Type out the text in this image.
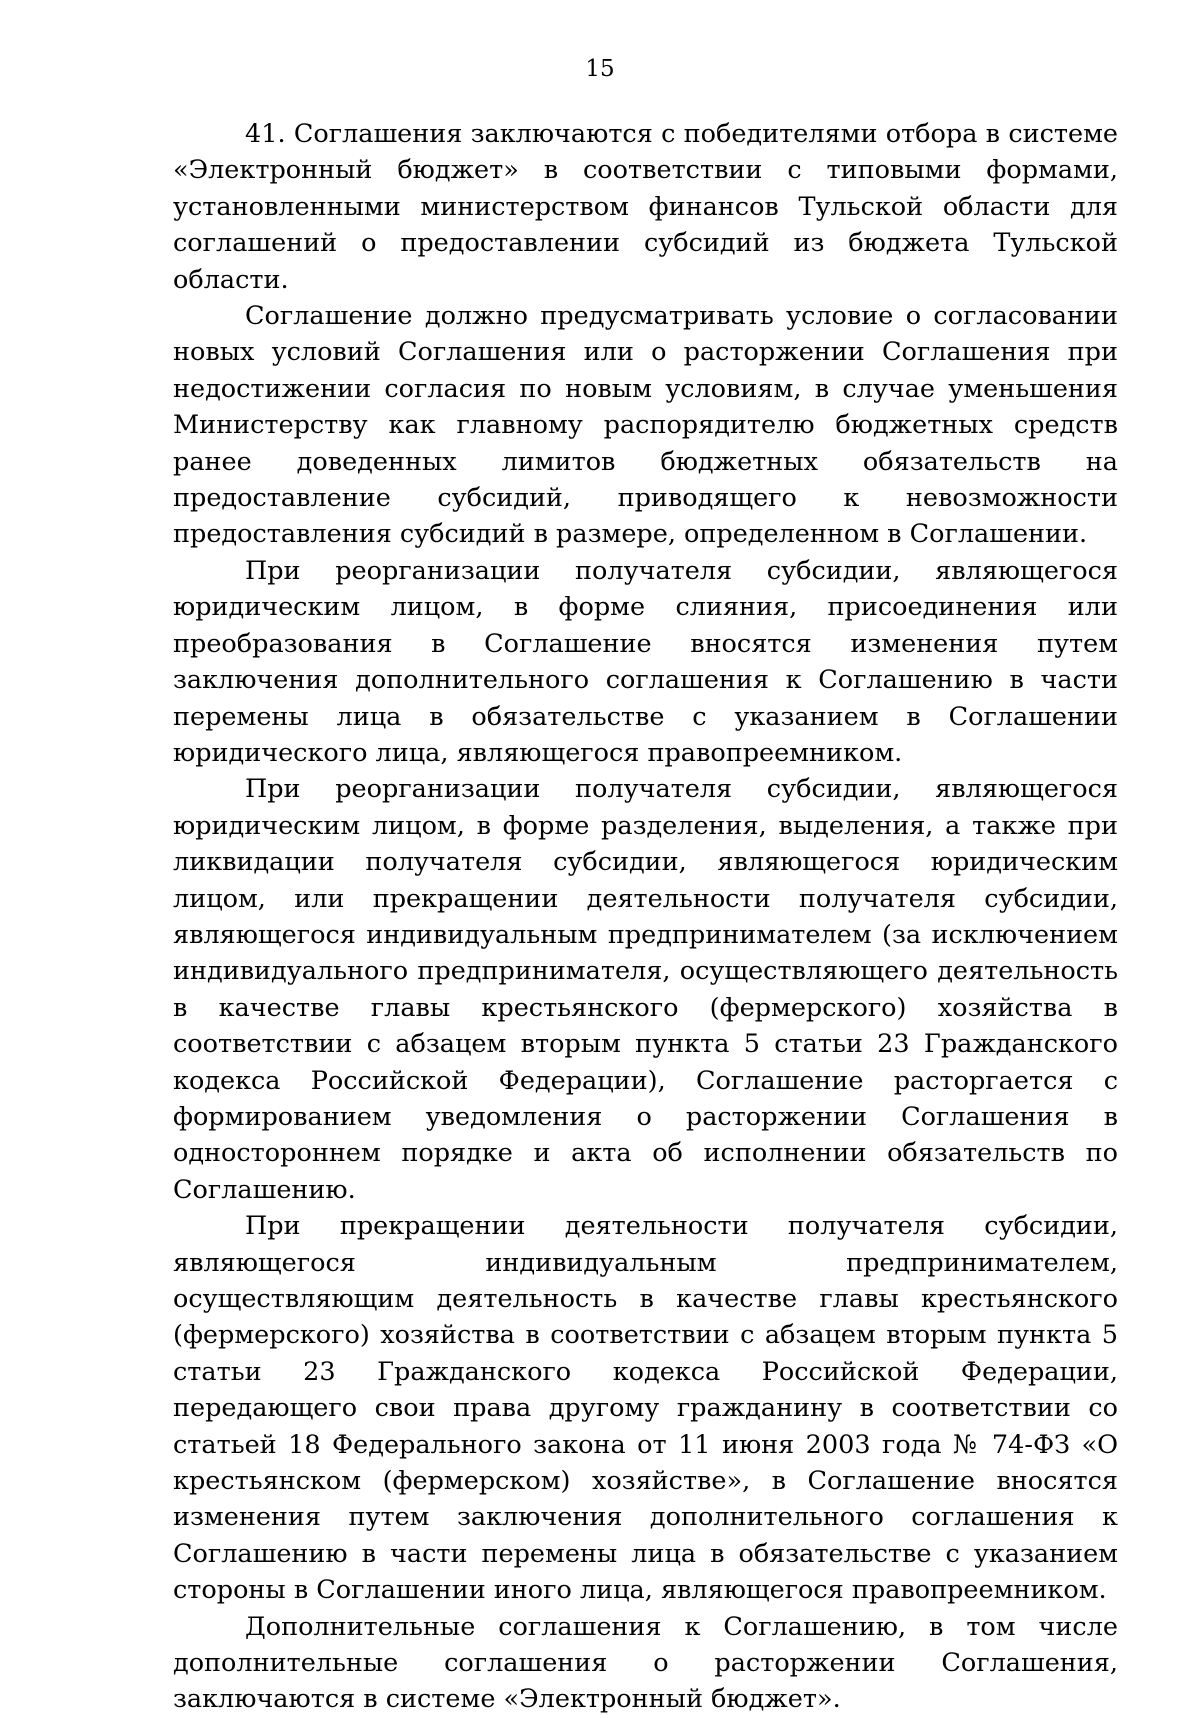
15

41. Соглашения заключаются с победителями отбора в системе «Электронный бюджет» в соответствии с типовыми формами, установленными министерством финансов Тульской области для соглашений о предоставлении субсидий из бюджета Тульской области.

Соглашение должно предусматривать условие о согласовании новых условий Соглашения или о расторжении Соглашения при недостижении согласия по новым условиям, в случае уменьшения Министерству как главному распорядителю бюджетных средств ранее доведенных лимитов бюджетных обязательств на предоставление субсидий, приводящего к невозможности предоставления субсидий в размере, определенном в Соглашении.

При реорганизации получателя субсидии, являющегося юридическим лицом, в форме слияния, присоединения или преобразования в Соглашение вносятся изменения путем заключения дополнительного соглашения к Соглашению в части перемены лица в обязательстве с указанием в Соглашении юридического лица, являющегося правопреемником.

При реорганизации получателя субсидии, являющегося юридическим лицом, в форме разделения, выделения, а также при ликвидации получателя субсидии, являющегося юридическим лицом, или прекращении деятельности получателя субсидии, являющегося индивидуальным предпринимателем (за исключением индивидуального предпринимателя, осуществляющего деятельность в качестве главы крестьянского (фермерского) хозяйства в соответствии с абзацем вторым пункта 5 статьи 23 Гражданского кодекса Российской Федерации), Соглашение расторгается с формированием уведомления о расторжении Соглашения в одностороннем порядке и акта об исполнении обязательств по Соглашению.

При прекращении деятельности получателя субсидии, являющегося индивидуальным предпринимателем, осуществляющим деятельность в качестве главы крестьянского (фермерского) хозяйства в соответствии с абзацем вторым пункта 5 статьи 23 Гражданского кодекса Российской Федерации, передающего свои права другому гражданину в соответствии со статьей 18 Федерального закона от 11 июня 2003 года № 74-ФЗ «О крестьянском (фермерском) хозяйстве», в Соглашение вносятся изменения путем заключения дополнительного соглашения к Соглашению в части перемены лица в обязательстве с указанием стороны в Соглашении иного лица, являющегося правопреемником.

Дополнительные соглашения к Соглашению, в том числе дополнительные соглашения о расторжении Соглашения, заключаются в системе «Электронный бюджет».
